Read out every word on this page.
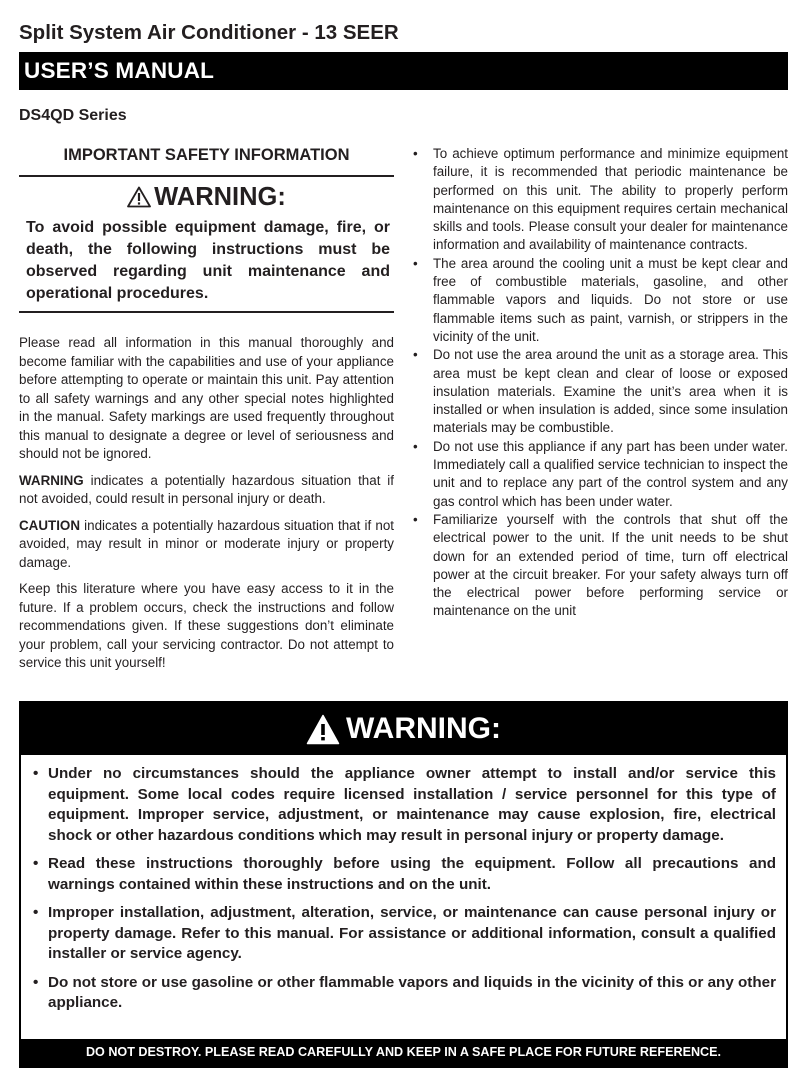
Split System Air Conditioner - 13 SEER
USER’S MANUAL
DS4QD Series
IMPORTANT SAFETY INFORMATION
WARNING:
To avoid possible equipment damage, fire, or death, the following instructions must be observed regarding unit maintenance and operational procedures.

Please read all information in this manual thoroughly and become familiar with the capabilities and use of your appliance before attempting to operate or maintain this unit. Pay attention to all safety warnings and any other special notes highlighted in the manual. Safety markings are used frequently throughout this manual to designate a degree or level of seriousness and should not be ignored.

WARNING indicates a potentially hazardous situation that if not avoided, could result in personal injury or death.

CAUTION indicates a potentially hazardous situation that if not avoided, may result in minor or moderate injury or property damage.

Keep this literature where you have easy access to it in the future. If a problem occurs, check the instructions and follow recommendations given. If these suggestions don’t eliminate your problem, call your servicing contractor. Do not attempt to service this unit yourself!

• To achieve optimum performance and minimize equipment failure, it is recommended that periodic maintenance be performed on this unit. The ability to properly perform maintenance on this equipment requires certain mechanical skills and tools. Please consult your dealer for maintenance information and availability of maintenance contracts.
• The area around the cooling unit a must be kept clear and free of combustible materials, gasoline, and other flammable vapors and liquids. Do not store or use flammable items such as paint, varnish, or strippers in the vicinity of the unit.
• Do not use the area around the unit as a storage area. This area must be kept clean and clear of loose or exposed insulation materials. Examine the unit’s area when it is installed or when insulation is added, since some insulation materials may be combustible.
• Do not use this appliance if any part has been under water. Immediately call a qualified service technician to inspect the unit and to replace any part of the control system and any gas control which has been under water.
• Familiarize yourself with the controls that shut off the electrical power to the unit. If the unit needs to be shut down for an extended period of time, turn off electrical power at the circuit breaker. For your safety always turn off the electrical power before performing service or maintenance on the unit
WARNING:
• Under no circumstances should the appliance owner attempt to install and/or service this equipment. Some local codes require licensed installation / service personnel for this type of equipment. Improper service, adjustment, or maintenance may cause explosion, fire, electrical shock or other hazardous conditions which may result in personal injury or property damage.
• Read these instructions thoroughly before using the equipment. Follow all precautions and warnings contained within these instructions and on the unit.
• Improper installation, adjustment, alteration, service, or maintenance can cause personal injury or property damage. Refer to this manual. For assistance or additional information, consult a qualified installer or service agency.
• Do not store or use gasoline or other flammable vapors and liquids in the vicinity of this or any other appliance.
DO NOT DESTROY. PLEASE READ CAREFULLY AND KEEP IN A SAFE PLACE FOR FUTURE REFERENCE.
